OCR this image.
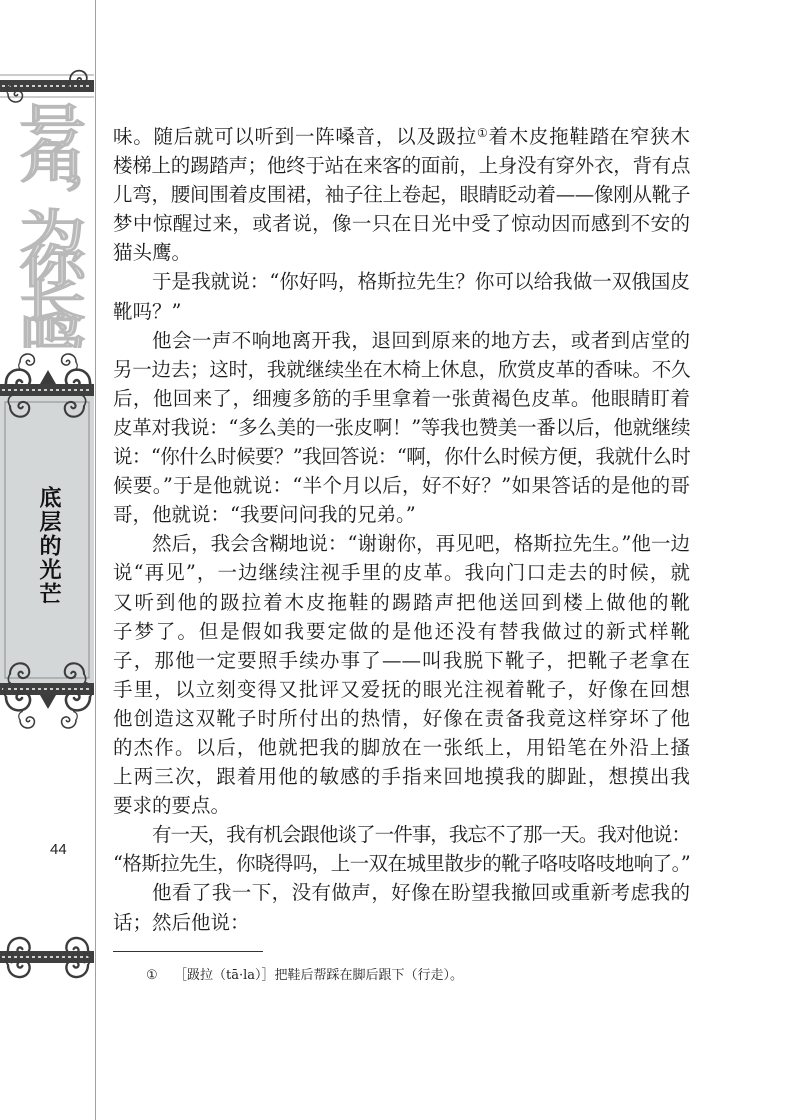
号角，为你长鸣
底层的光芒
44
味。随后就可以听到一阵嗓音，以及趿拉①着木皮拖鞋踏在窄狭木
楼梯上的踢踏声；他终于站在来客的面前，上身没有穿外衣，背有点
儿弯，腰间围着皮围裙，袖子往上卷起，眼睛眨动着——像刚从靴子
梦中惊醒过来，或者说，像一只在日光中受了惊动因而感到不安的
猫头鹰。
于是我就说：“你好吗，格斯拉先生？你可以给我做一双俄国皮
靴吗？”
他会一声不响地离开我，退回到原来的地方去，或者到店堂的
另一边去；这时，我就继续坐在木椅上休息，欣赏皮革的香味。不久
后，他回来了，细瘦多筋的手里拿着一张黄褐色皮革。他眼睛盯着
皮革对我说：“多么美的一张皮啊！”等我也赞美一番以后，他就继续
说：“你什么时候要？”我回答说：“啊，你什么时候方便，我就什么时
候要。”于是他就说：“半个月以后，好不好？”如果答话的是他的哥
哥，他就说：“我要问问我的兄弟。”
然后，我会含糊地说：“谢谢你，再见吧，格斯拉先生。”他一边
说“再见”，一边继续注视手里的皮革。我向门口走去的时候，就
又听到他的趿拉着木皮拖鞋的踢踏声把他送回到楼上做他的靴
子梦了。但是假如我要定做的是他还没有替我做过的新式样靴
子，那他一定要照手续办事了——叫我脱下靴子，把靴子老拿在
手里，以立刻变得又批评又爱抚的眼光注视着靴子，好像在回想
他创造这双靴子时所付出的热情，好像在责备我竟这样穿坏了他
的杰作。以后，他就把我的脚放在一张纸上，用铅笔在外沿上搔
上两三次，跟着用他的敏感的手指来回地摸我的脚趾，想摸出我
要求的要点。
有一天，我有机会跟他谈了一件事，我忘不了那一天。我对他说：
“格斯拉先生，你晓得吗，上一双在城里散步的靴子咯吱咯吱地响了。”
他看了我一下，没有做声，好像在盼望我撤回或重新考虑我的
话；然后他说：
① ［趿拉（tā·la）］把鞋后帮踩在脚后跟下（行走）。
